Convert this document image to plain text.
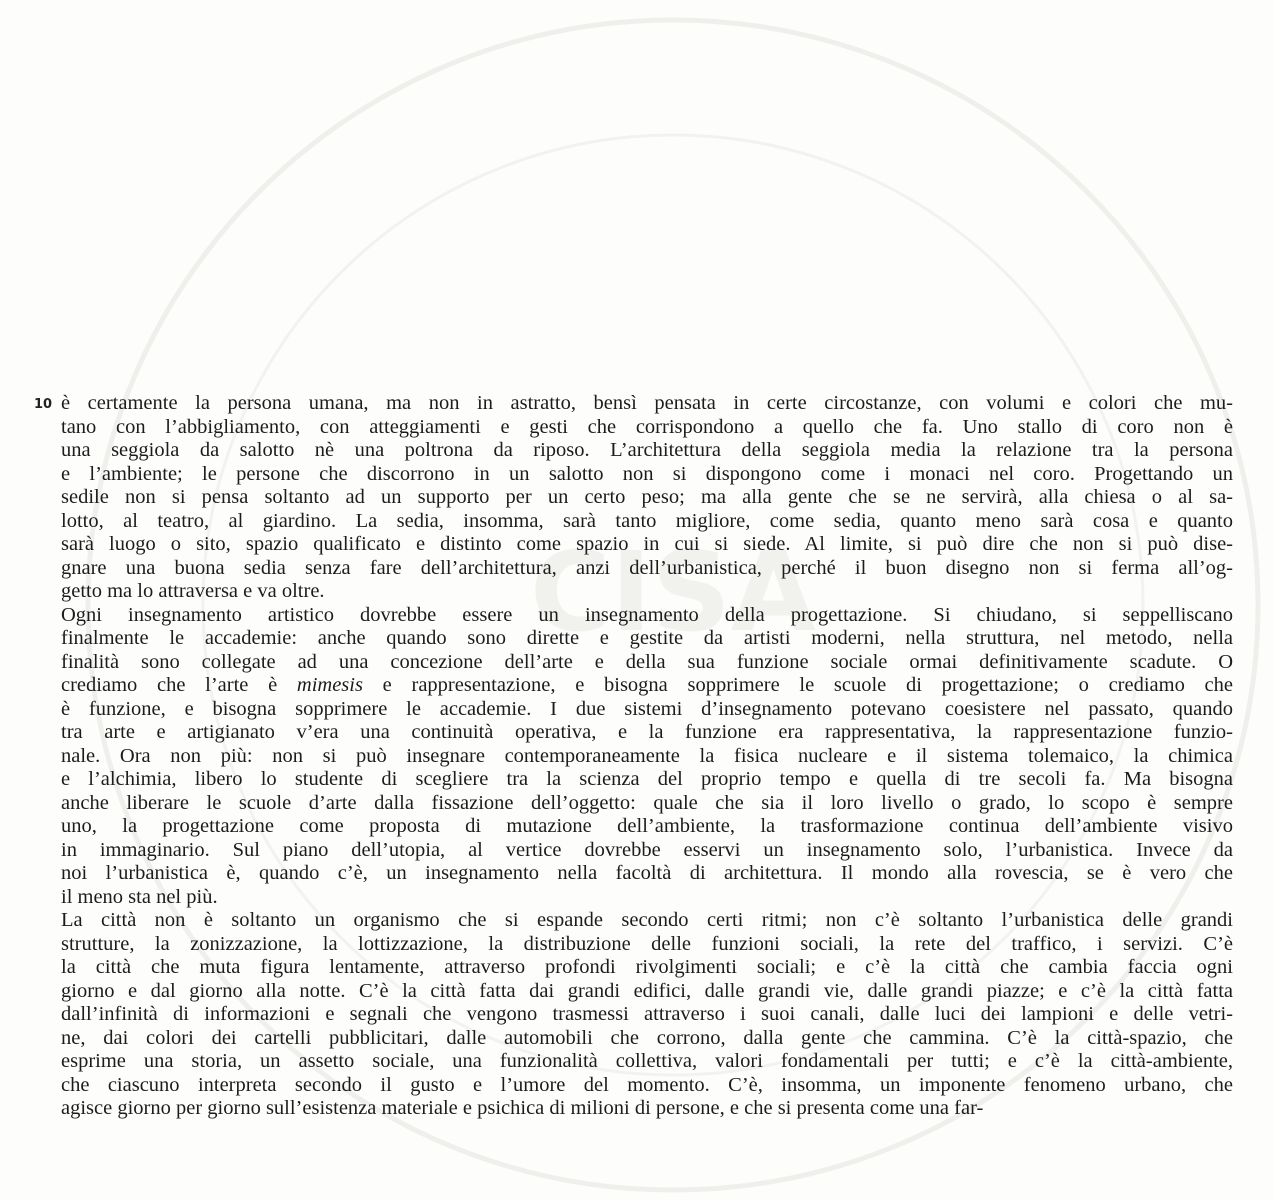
CISA
10 è certamente la persona umana, ma non in astratto, bensì pensata in certe circostanze, con volumi e colori che mu-
tano con l’abbigliamento, con atteggiamenti e gesti che corrispondono a quello che fa. Uno stallo di coro non è
una seggiola da salotto nè una poltrona da riposo. L’architettura della seggiola media la relazione tra la persona
e l’ambiente; le persone che discorrono in un salotto non si dispongono come i monaci nel coro. Progettando un
sedile non si pensa soltanto ad un supporto per un certo peso; ma alla gente che se ne servirà, alla chiesa o al sa-
lotto, al teatro, al giardino. La sedia, insomma, sarà tanto migliore, come sedia, quanto meno sarà cosa e quanto
sarà luogo o sito, spazio qualificato e distinto come spazio in cui si siede. Al limite, si può dire che non si può dise-
gnare una buona sedia senza fare dell’architettura, anzi dell’urbanistica, perché il buon disegno non si ferma all’og-
getto ma lo attraversa e va oltre.

Ogni insegnamento artistico dovrebbe essere un insegnamento della progettazione. Si chiudano, si seppelliscano
finalmente le accademie: anche quando sono dirette e gestite da artisti moderni, nella struttura, nel metodo, nella
finalità sono collegate ad una concezione dell’arte e della sua funzione sociale ormai definitivamente scadute. O
crediamo che l’arte è mimesis e rappresentazione, e bisogna sopprimere le scuole di progettazione; o crediamo che
è funzione, e bisogna sopprimere le accademie. I due sistemi d’insegnamento potevano coesistere nel passato, quando
tra arte e artigianato v’era una continuità operativa, e la funzione era rappresentativa, la rappresentazione funzio-
nale. Ora non più: non si può insegnare contemporaneamente la fisica nucleare e il sistema tolemaico, la chimica
e l’alchimia, libero lo studente di scegliere tra la scienza del proprio tempo e quella di tre secoli fa. Ma bisogna
anche liberare le scuole d’arte dalla fissazione dell’oggetto: quale che sia il loro livello o grado, lo scopo è sempre
uno, la progettazione come proposta di mutazione dell’ambiente, la trasformazione continua dell’ambiente visivo
in immaginario. Sul piano dell’utopia, al vertice dovrebbe esservi un insegnamento solo, l’urbanistica. Invece da
noi l’urbanistica è, quando c’è, un insegnamento nella facoltà di architettura. Il mondo alla rovescia, se è vero che
il meno sta nel più.

La città non è soltanto un organismo che si espande secondo certi ritmi; non c’è soltanto l’urbanistica delle grandi
strutture, la zonizzazione, la lottizzazione, la distribuzione delle funzioni sociali, la rete del traffico, i servizi. C’è
la città che muta figura lentamente, attraverso profondi rivolgimenti sociali; e c’è la città che cambia faccia ogni
giorno e dal giorno alla notte. C’è la città fatta dai grandi edifici, dalle grandi vie, dalle grandi piazze; e c’è la città fatta
dall’infinità di informazioni e segnali che vengono trasmessi attraverso i suoi canali, dalle luci dei lampioni e delle vetri-
ne, dai colori dei cartelli pubblicitari, dalle automobili che corrono, dalla gente che cammina. C’è la città-spazio, che
esprime una storia, un assetto sociale, una funzionalità collettiva, valori fondamentali per tutti; e c’è la città-ambiente,
che ciascuno interpreta secondo il gusto e l’umore del momento. C’è, insomma, un imponente fenomeno urbano, che
agisce giorno per giorno sull’esistenza materiale e psichica di milioni di persone, e che si presenta come una far-
